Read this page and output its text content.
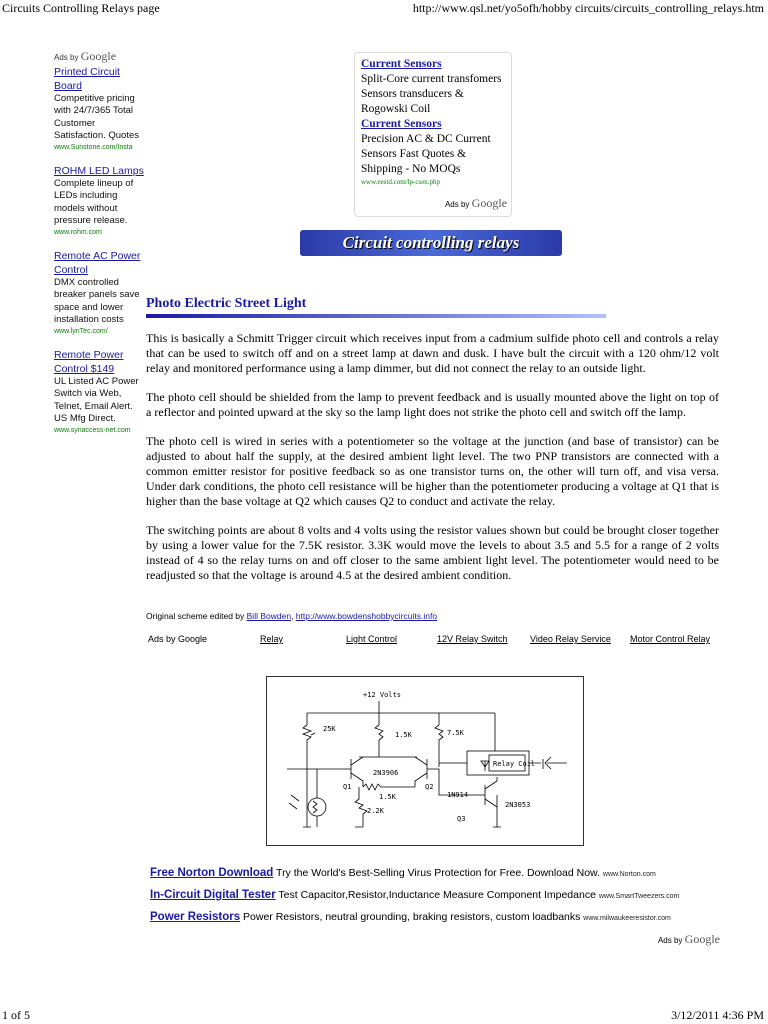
Circuits Controlling Relays page	http://www.qsl.net/yo5ofh/hobby circuits/circuits_controlling_relays.htm
Ads by Google
Printed Circuit Board
Competitive pricing with 24/7/365 Total Customer Satisfaction. Quotes
www.Sunstone.com/Insta
ROHM LED Lamps
Complete lineup of LEDs including models without pressure release.
www.rohm.com
Remote AC Power Control
DMX controlled breaker panels save space and lower installation costs
www.lynTec.com/
Remote Power Control $149
UL Listed AC Power Switch via Web, Telnet, Email Alert. US Mfg Direct.
www.synaccess-net.com
Current Sensors
Split-Core current transfomers Sensors transducers & Rogowski Coil
Current Sensors
Precision AC & DC Current Sensors Fast Quotes & Shipping - No MOQs
www.eestd.com/lp-csen.php
Ads by Google
Circuit controlling relays
Photo Electric Street Light

This is basically a Schmitt Trigger circuit which receives input from a cadmium sulfide photo cell and controls a relay that can be used to switch off and on a street lamp at dawn and dusk. I have bult the circuit with a 120 ohm/12 volt relay and monitored performance using a lamp dimmer, but did not connect the relay to an outside light.

The photo cell should be shielded from the lamp to prevent feedback and is usually mounted above the light on top of a reflector and pointed upward at the sky so the lamp light does not strike the photo cell and switch off the lamp.

The photo cell is wired in series with a potentiometer so the voltage at the junction (and base of transistor) can be adjusted to about half the supply, at the desired ambient light level. The two PNP transistors are connected with a common emitter resistor for positive feedback so as one transistor turns on, the other will turn off, and visa versa. Under dark conditions, the photo cell resistance will be higher than the potentiometer producing a voltage at Q1 that is higher than the base voltage at Q2 which causes Q2 to conduct and activate the relay.

The switching points are about 8 volts and 4 volts using the resistor values shown but could be brought closer together by using a lower value for the 7.5K resistor. 3.3K would move the levels to about 3.5 and 5.5 for a range of 2 volts instead of 4 so the relay turns on and off closer to the same ambient light level. The potentiometer would need to be readjusted so that the voltage is around 4.5 at the desired ambient condition.

Original scheme edited by Bill Bowden, http://www.bowdenshobbycircuits.info
Ads by Google	Relay	Light Control	12V Relay Switch Video Relay Service Motor Control Relay
+12 Volts
25K
1.5K	7.5K
2N3906
Q1	Q2
1.5K	1N914
Relay Coil
2.2K
Q3
2N3053
Free Norton Download Try the World's Best-Selling Virus Protection for Free. Download Now. www.Norton.com
In-Circuit Digital Tester Test Capacitor,Resistor,Inductance Measure Component Impedance www.SmartTweezers.com
Power Resistors Power Resistors, neutral grounding, braking resistors, custom loadbanks www.milwaukeeresistor.com
Ads by Google
1 of 5	3/12/2011 4:36 PM
